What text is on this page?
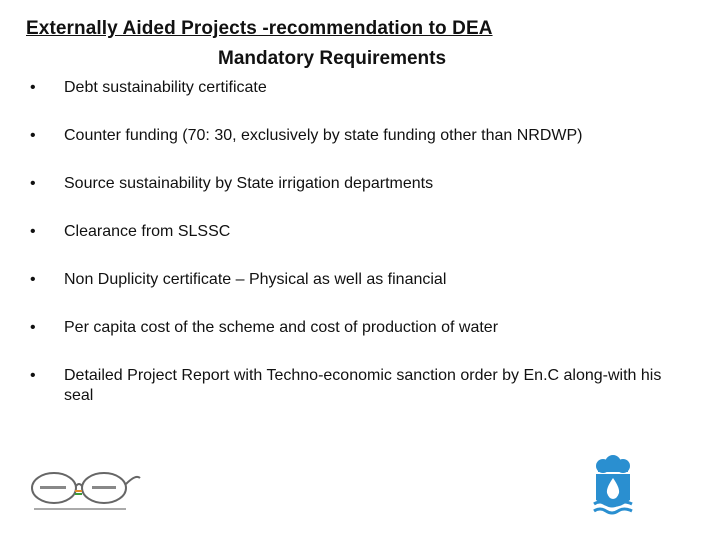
Externally Aided Projects -recommendation to DEA
Mandatory Requirements
• Debt sustainability certificate
• Counter funding (70: 30, exclusively by state funding other than NRDWP)
• Source sustainability by State irrigation departments
• Clearance from SLSSC
• Non Duplicity certificate – Physical as well as financial
• Per capita cost of the scheme and cost of production of water
• Detailed Project Report with Techno-economic sanction order by En.C along-with his seal
